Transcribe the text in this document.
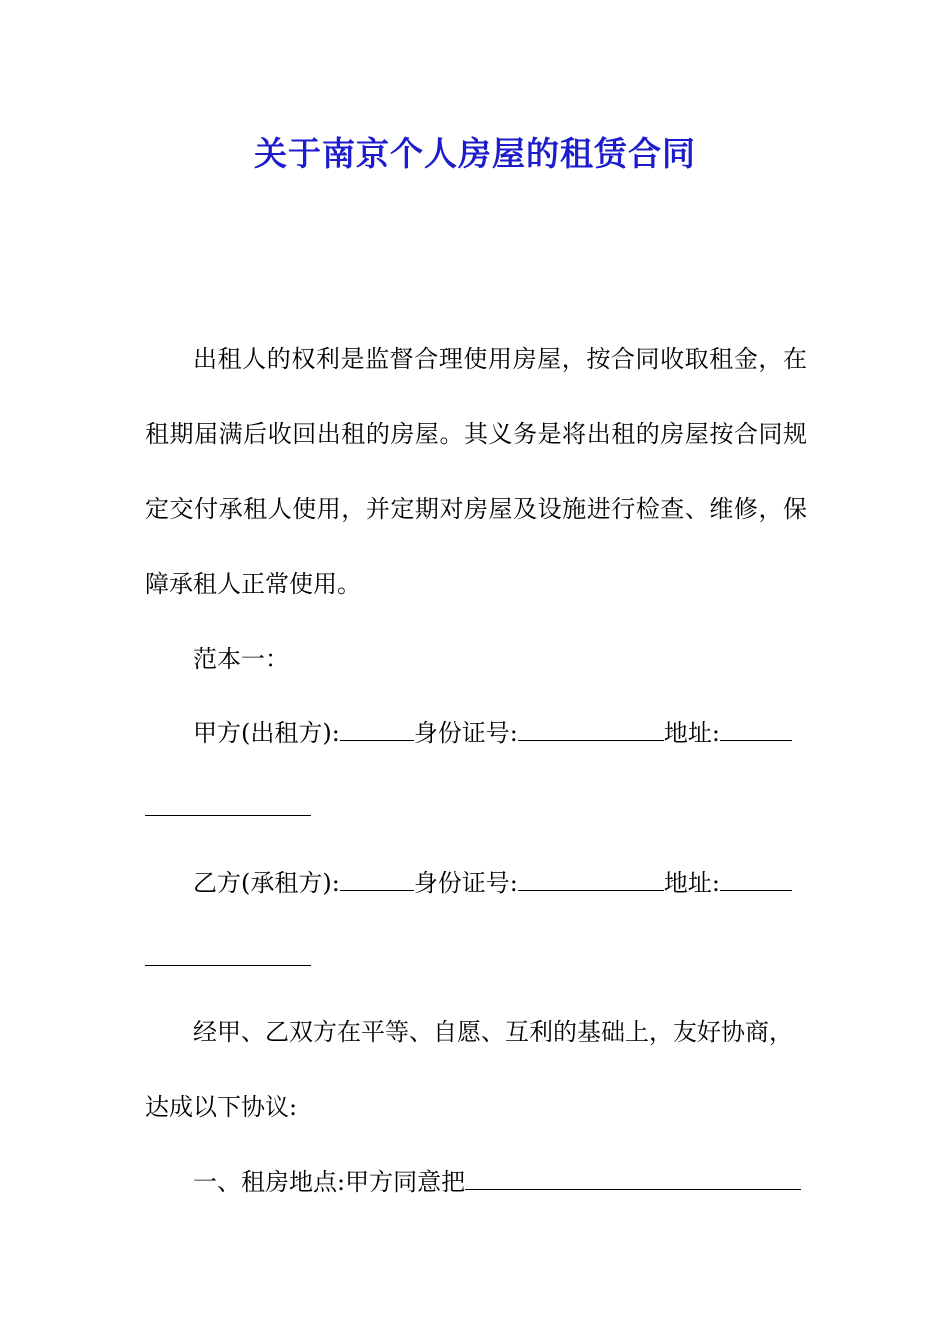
关于南京个人房屋的租赁合同

出租人的权利是监督合理使用房屋，按合同收取租金，在租期届满后收回出租的房屋。其义务是将出租的房屋按合同规定交付承租人使用，并定期对房屋及设施进行检查、维修，保障承租人正常使用。

范本一：
甲方(出租方):	身份证号:	地址:
乙方(承租方):	身份证号:	地址:
经甲、乙双方在平等、自愿、互利的基础上，友好协商，
达成以下协议:
一、租房地点:甲方同意把
